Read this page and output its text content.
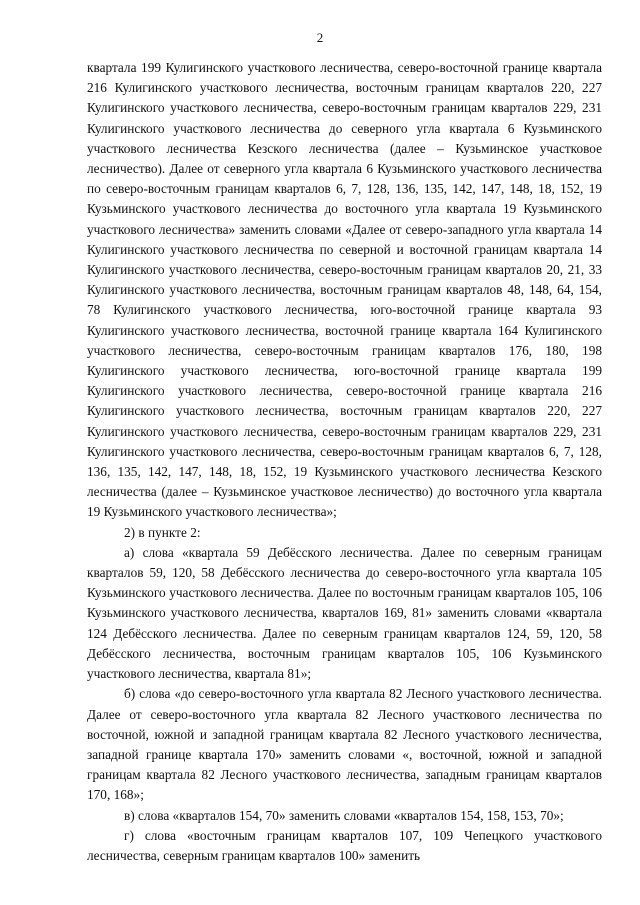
2

квартала 199 Кулигинского участкового лесничества, северо-восточной границе квартала 216 Кулигинского участкового лесничества, восточным границам кварталов 220, 227 Кулигинского участкового лесничества, северо-восточным границам кварталов 229, 231 Кулигинского участкового лесничества до северного угла квартала 6 Кузьминского участкового лесничества Кезского лесничества (далее – Кузьминское участковое лесничество). Далее от северного угла квартала 6 Кузьминского участкового лесничества по северо-восточным границам кварталов 6, 7, 128, 136, 135, 142, 147, 148, 18, 152, 19 Кузьминского участкового лесничества до восточного угла квартала 19 Кузьминского участкового лесничества» заменить словами «Далее от северо-западного угла квартала 14 Кулигинского участкового лесничества по северной и восточной границам квартала 14 Кулигинского участкового лесничества, северо-восточным границам кварталов 20, 21, 33 Кулигинского участкового лесничества, восточным границам кварталов 48, 148, 64, 154, 78 Кулигинского участкового лесничества, юго-восточной границе квартала 93 Кулигинского участкового лесничества, восточной границе квартала 164 Кулигинского участкового лесничества, северо-восточным границам кварталов 176, 180, 198 Кулигинского участкового лесничества, юго-восточной границе квартала 199 Кулигинского участкового лесничества, северо-восточной границе квартала 216 Кулигинского участкового лесничества, восточным границам кварталов 220, 227 Кулигинского участкового лесничества, северо-восточным границам кварталов 229, 231 Кулигинского участкового лесничества, северо-восточным границам кварталов 6, 7, 128, 136, 135, 142, 147, 148, 18, 152, 19 Кузьминского участкового лесничества Кезского лесничества (далее – Кузьминское участковое лесничество) до восточного угла квартала 19 Кузьминского участкового лесничества»;

2) в пункте 2:

а) слова «квартала 59 Дебёсского лесничества. Далее по северным границам кварталов 59, 120, 58 Дебёсского лесничества до северо-восточного угла квартала 105 Кузьминского участкового лесничества. Далее по восточным границам кварталов 105, 106 Кузьминского участкового лесничества, кварталов 169, 81» заменить словами «квартала 124 Дебёсского лесничества. Далее по северным границам кварталов 124, 59, 120, 58 Дебёсского лесничества, восточным границам кварталов 105, 106 Кузьминского участкового лесничества, квартала 81»;

б) слова «до северо-восточного угла квартала 82 Лесного участкового лесничества. Далее от северо-восточного угла квартала 82 Лесного участкового лесничества по восточной, южной и западной границам квартала 82 Лесного участкового лесничества, западной границе квартала 170» заменить словами «, восточной, южной и западной границам квартала 82 Лесного участкового лесничества, западным границам кварталов 170, 168»;

в) слова «кварталов 154, 70» заменить словами «кварталов 154, 158, 153, 70»;

г) слова «восточным границам кварталов 107, 109 Чепецкого участкового лесничества, северным границам кварталов 100» заменить
